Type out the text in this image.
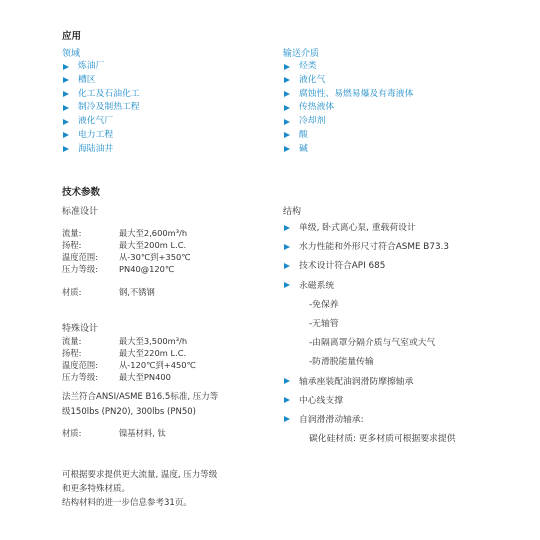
应用
领域
炼油厂
槽区
化工及石油化工
制冷及制热工程
液化气厂
电力工程
海陆油井
输送介质
烃类
液化气
腐蚀性、易燃易爆及有毒液体
传热液体
冷却剂
酸
碱
技术参数
标准设计
流量:	最大至2,600m³/h
扬程:	最大至200m L.C.
温度范围:	从-30℃到+350℃
压力等级:	PN40@120℃
材质:	钢,不锈钢
特殊设计
流量:	最大至3,500m³/h
扬程:	最大至220m L.C.
温度范围:	从-120℃到+450℃
压力等级:	最大至PN400
法兰符合ANSI/ASME B16.5标准, 压力等
级150lbs (PN20), 300lbs (PN50)
材质:	镍基材料, 钛
结构
单级, 卧式离心泵, 重载荷设计
水力性能和外形尺寸符合ASME B73.3
技术设计符合API 685
永磁系统
-免保养
-无轴管
-由隔离罩分隔介质与气室或大气
-防滑脱能量传输
轴承座装配油润滑防摩擦轴承
中心线支撑
自润滑滑动轴承:
碳化硅材质: 更多材质可根据要求提供
可根据要求提供更大流量, 温度, 压力等级
和更多特殊材质。
结构材料的进一步信息参考31页。
